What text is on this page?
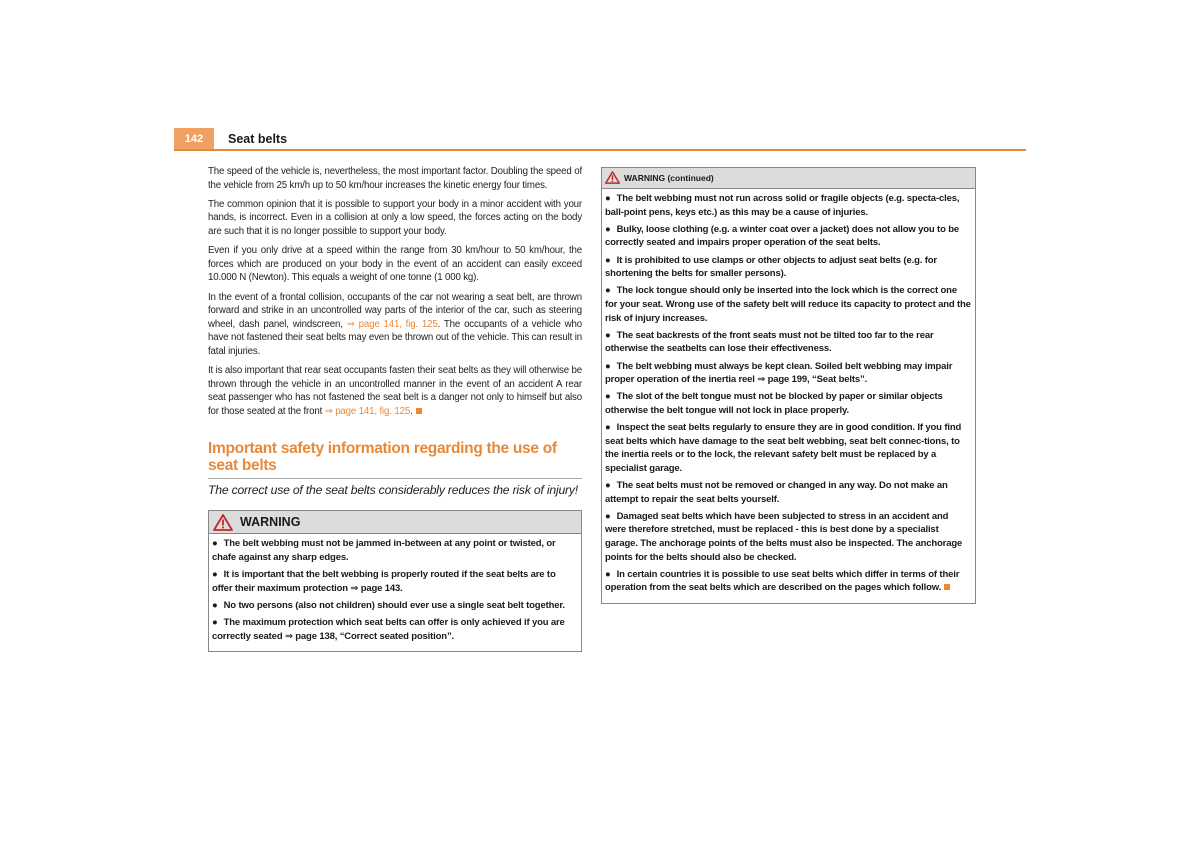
142	Seat belts

The speed of the vehicle is, nevertheless, the most important factor. Doubling the speed of the vehicle from 25 km/h up to 50 km/hour increases the kinetic energy four times.

The common opinion that it is possible to support your body in a minor accident with your hands, is incorrect. Even in a collision at only a low speed, the forces acting on the body are such that it is no longer possible to support your body.

Even if you only drive at a speed within the range from 30 km/hour to 50 km/hour, the forces which are produced on your body in the event of an accident can easily exceed 10.000 N (Newton). This equals a weight of one tonne (1 000 kg).

In the event of a frontal collision, occupants of the car not wearing a seat belt, are thrown forward and strike in an uncontrolled way parts of the interior of the car, such as steering wheel, dash panel, windscreen, ⇒ page 141, fig. 125. The occupants of a vehicle who have not fastened their seat belts may even be thrown out of the vehicle. This can result in fatal injuries.

It is also important that rear seat occupants fasten their seat belts as they will otherwise be thrown through the vehicle in an uncontrolled manner in the event of an accident A rear seat passenger who has not fastened the seat belt is a danger not only to himself but also for those seated at the front ⇒ page 141, fig. 125.

Important safety information regarding the use of seat belts

The correct use of the seat belts considerably reduces the risk of injury!

WARNING

● The belt webbing must not be jammed in-between at any point or twisted, or chafe against any sharp edges.

● It is important that the belt webbing is properly routed if the seat belts are to offer their maximum protection ⇒ page 143.

● No two persons (also not children) should ever use a single seat belt together.

● The maximum protection which seat belts can offer is only achieved if you are correctly seated ⇒ page 138, “Correct seated position”.

WARNING (continued)

● The belt webbing must not run across solid or fragile objects (e.g. specta-cles, ball-point pens, keys etc.) as this may be a cause of injuries.

● Bulky, loose clothing (e.g. a winter coat over a jacket) does not allow you to be correctly seated and impairs proper operation of the seat belts.

● It is prohibited to use clamps or other objects to adjust seat belts (e.g. for shortening the belts for smaller persons).

● The lock tongue should only be inserted into the lock which is the correct one for your seat. Wrong use of the safety belt will reduce its capacity to protect and the risk of injury increases.

● The seat backrests of the front seats must not be tilted too far to the rear otherwise the seatbelts can lose their effectiveness.

● The belt webbing must always be kept clean. Soiled belt webbing may impair proper operation of the inertia reel ⇒ page 199, “Seat belts”.

● The slot of the belt tongue must not be blocked by paper or similar objects otherwise the belt tongue will not lock in place properly.

● Inspect the seat belts regularly to ensure they are in good condition. If you find seat belts which have damage to the seat belt webbing, seat belt connec-tions, to the inertia reels or to the lock, the relevant safety belt must be replaced by a specialist garage.

● The seat belts must not be removed or changed in any way. Do not make an attempt to repair the seat belts yourself.

● Damaged seat belts which have been subjected to stress in an accident and were therefore stretched, must be replaced - this is best done by a specialist garage. The anchorage points of the belts must also be inspected. The anchorage points for the belts should also be checked.

● In certain countries it is possible to use seat belts which differ in terms of their operation from the seat belts which are described on the pages which follow.
